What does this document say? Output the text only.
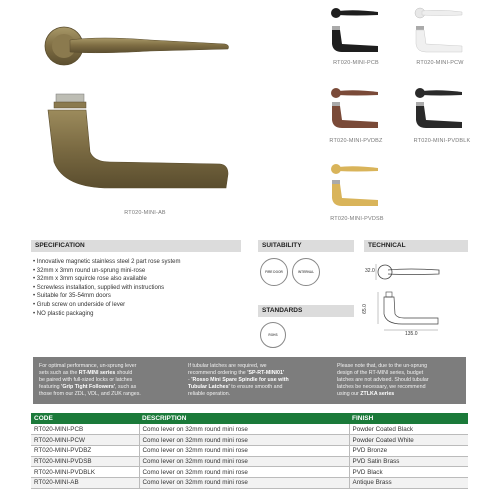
RT020-MINI-AB
RT020-MINI-PCB	RT020-MINI-PCW
RT020-MINI-PVDBZ	RT020-MINI-PVDBLK
RT020-MINI-PVDSB
SPECIFICATION
• Innovative magnetic stainless steel 2 part rose system
• 32mm x 3mm round un-sprung mini-rose
• 32mm x 3mm squircle rose also available
• Screwless installation, supplied with instructions
• Suitable for 35-54mm doors
• Grub screw on underside of lever
• NO plastic packaging
SUITABILITY
FIRE DOOR	INTERNAL
STANDARDS
ROHS
TECHNICAL
32.0
65.0
135.0
For optimal performance, un-sprung lever
sets such as the RT-MINI series should
be paired with full-sized locks or latches
featuring 'Grip Tight Followers', such as
those from our ZDL, VDL, and ZUK ranges.
If tubular latches are required, we
recommend ordering the 'SP-RT-MINI01'
- 'Rosso Mini Spare Spindle for use with
Tubular Latches' to ensure smooth and
reliable operation.
Please note that, due to the un-sprung
design of the RT-MINI series, budget
latches are not advised. Should tubular
latches be necessary, we recommend
using our ZTLKA series
CODE	DESCRIPTION	FINISH
RT020-MINI-PCB	Como lever on 32mm round mini rose	Powder Coated Black
RT020-MINI-PCW	Como lever on 32mm round mini rose	Powder Coated White
RT020-MINI-PVDBZ	Como lever on 32mm round mini rose	PVD Bronze
RT020-MINI-PVDSB	Como lever on 32mm round mini rose	PVD Satin Brass
RT020-MINI-PVDBLK	Como lever on 32mm round mini rose	PVD Black
RT020-MINI-AB	Como lever on 32mm round mini rose	Antique Brass
